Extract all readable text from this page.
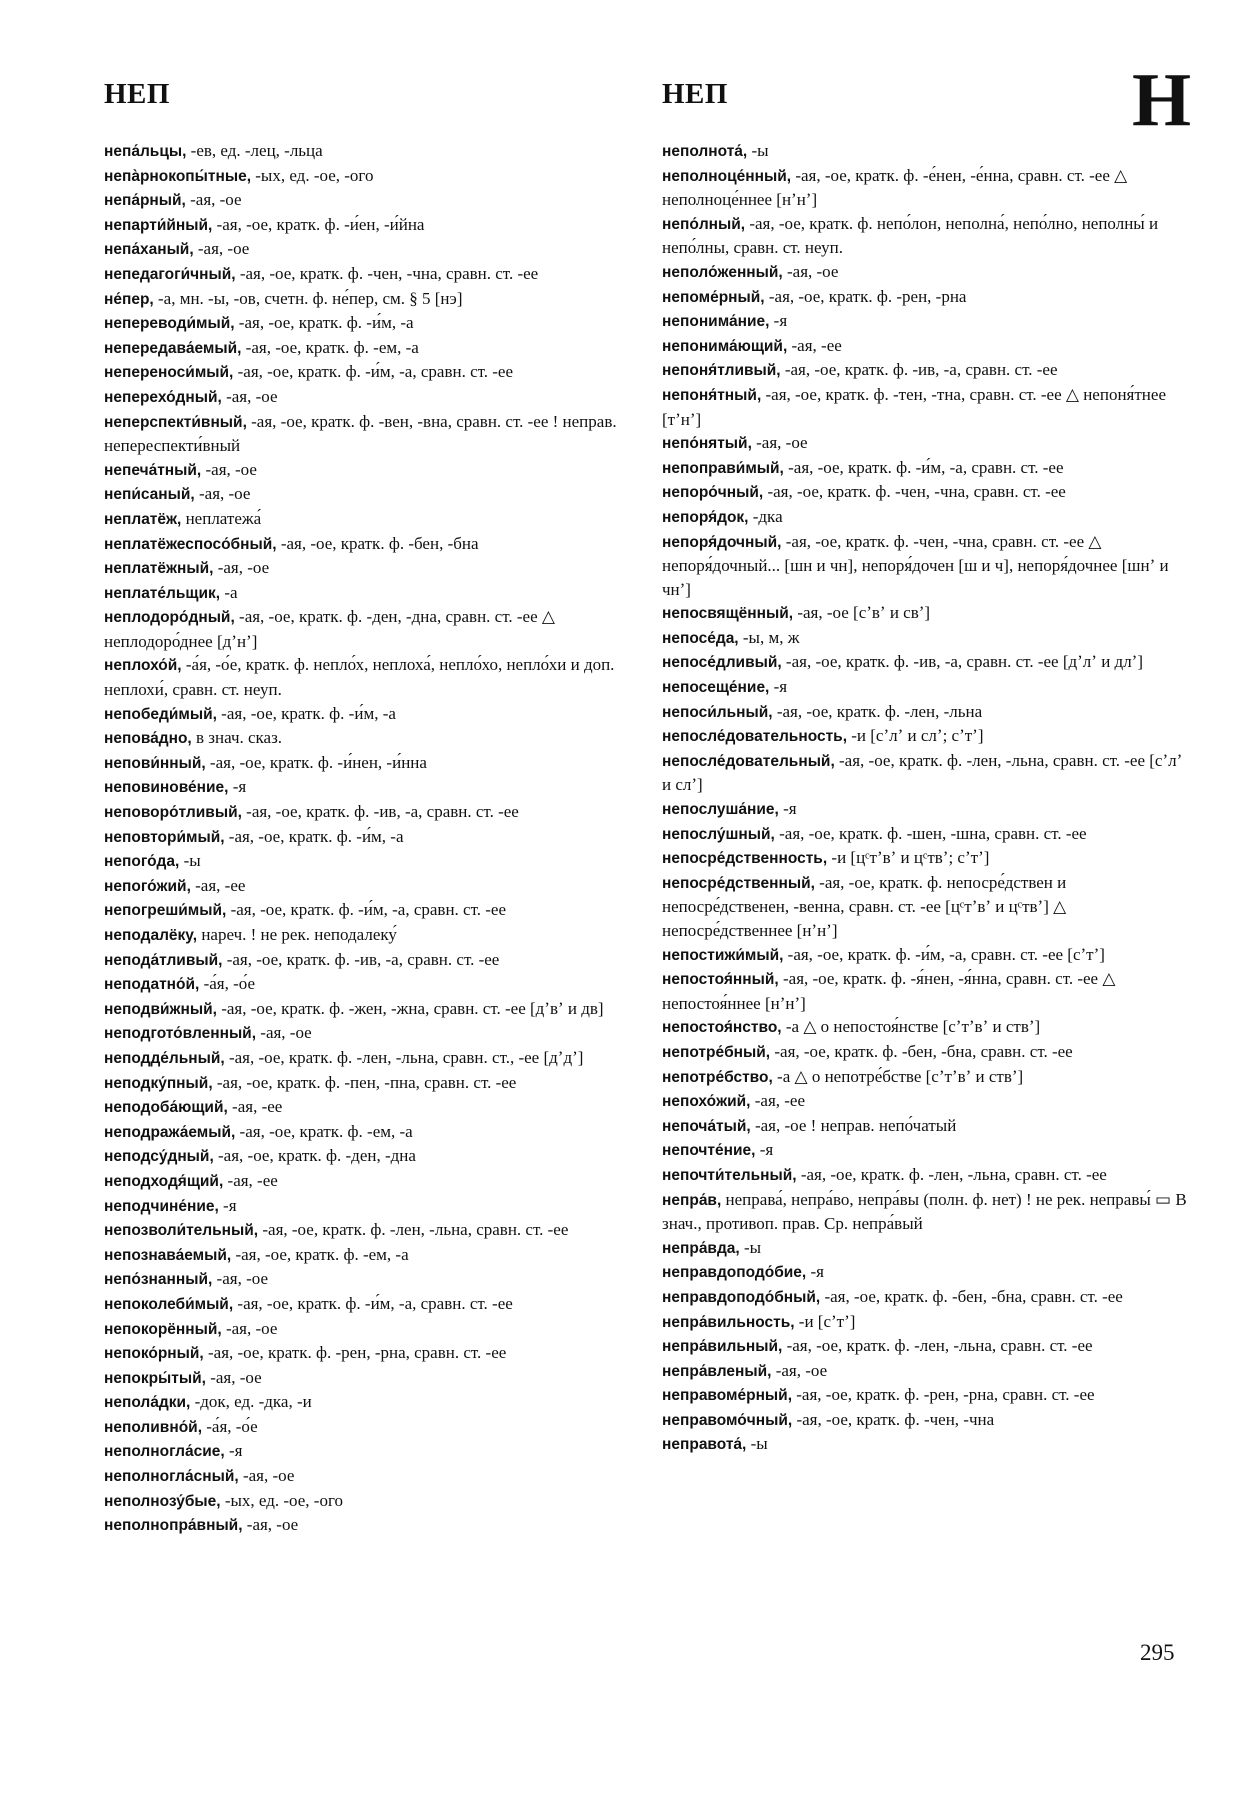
НЕП	НЕП	Н

непа́льцы, -ев, ед. -лец, -льца

непа̀рнокопы́тные, -ых, ед. -ое, -ого

непа́рный, -ая, -ое

непарти́йный, -ая, -ое, кратк. ф. -и́ен, -и́йна

непа́ханый, -ая, -ое

непедагоги́чный, -ая, -ое, кратк. ф. -чен, -чна, сравн. ст. -ее

не́пер, -а, мн. -ы, -ов, счетн. ф. не́пер, см. § 5 [нэ]

непереводи́мый, -ая, -ое, кратк. ф. -и́м, -а

непередава́емый, -ая, -ое, кратк. ф. -ем, -а

непереноси́мый, -ая, -ое, кратк. ф. -и́м, -а, сравн. ст. -ее

неперехо́дный, -ая, -ое

неперспекти́вный, -ая, -ое, кратк. ф. -вен, -вна, сравн. ст. -ее ! неправ. непереспекти́вный

непеча́тный, -ая, -ое

непи́саный, -ая, -ое

неплатёж, неплатежа́

неплатёжеспосо́бный, -ая, -ое, кратк. ф. -бен, -бна

неплатёжный, -ая, -ое

неплате́льщик, -а

неплодоро́дный, -ая, -ое, кратк. ф. -ден, -дна, сравн. ст. -ее △ неплодоро́днее [дʼнʼ]

неплохо́й, -а́я, -о́е, кратк. ф. непло́х, неплоха́, непло́хо, непло́хи и доп. неплохи́, сравн. ст. неуп.

непобеди́мый, -ая, -ое, кратк. ф. -и́м, -а

непова́дно, в знач. сказ.

непови́нный, -ая, -ое, кратк. ф. -и́нен, -и́нна

неповинове́ние, -я

неповоро́тливый, -ая, -ое, кратк. ф. -ив, -а, сравн. ст. -ее

неповтори́мый, -ая, -ое, кратк. ф. -и́м, -а

непого́да, -ы

непого́жий, -ая, -ее

непогреши́мый, -ая, -ое, кратк. ф. -и́м, -а, сравн. ст. -ее

неподалёку, нареч. ! не рек. неподалеку́

непода́тливый, -ая, -ое, кратк. ф. -ив, -а, сравн. ст. -ее

неподатно́й, -а́я, -о́е

неподви́жный, -ая, -ое, кратк. ф. -жен, -жна, сравн. ст. -ее [дʼвʼ и дв]

неподгото́вленный, -ая, -ое

неподде́льный, -ая, -ое, кратк. ф. -лен, -льна, сравн. ст., -ее [дʼдʼ]

неподку́пный, -ая, -ое, кратк. ф. -пен, -пна, сравн. ст. -ее

неподоба́ющий, -ая, -ее

неподража́емый, -ая, -ое, кратк. ф. -ем, -а

неподсу́дный, -ая, -ое, кратк. ф. -ден, -дна

неподходя́щий, -ая, -ее

неподчине́ние, -я

непозволи́тельный, -ая, -ое, кратк. ф. -лен, -льна, сравн. ст. -ее

непознава́емый, -ая, -ое, кратк. ф. -ем, -а

непо́знанный, -ая, -ое

непоколеби́мый, -ая, -ое, кратк. ф. -и́м, -а, сравн. ст. -ее

непокорённый, -ая, -ое

непоко́рный, -ая, -ое, кратк. ф. -рен, -рна, сравн. ст. -ее

непокры́тый, -ая, -ое

непола́дки, -док, ед. -дка, -и

неполивно́й, -а́я, -о́е

неполногла́сие, -я

неполногла́сный, -ая, -ое

неполнозу́бые, -ых, ед. -ое, -ого

неполнопра́вный, -ая, -ое

неполнота́, -ы

неполноце́нный, -ая, -ое, кратк. ф. -е́нен, -е́нна, сравн. ст. -ее △ неполноце́ннее [нʼнʼ]

непо́лный, -ая, -ое, кратк. ф. непо́лон, неполна́, непо́лно, неполны́ и непо́лны, сравн. ст. неуп.

неполо́женный, -ая, -ое

непоме́рный, -ая, -ое, кратк. ф. -рен, -рна

непонима́ние, -я

непонима́ющий, -ая, -ее

непоня́тливый, -ая, -ое, кратк. ф. -ив, -а, сравн. ст. -ее

непоня́тный, -ая, -ое, кратк. ф. -тен, -тна, сравн. ст. -ее △ непоня́тнее [тʼнʼ]

непо́нятый, -ая, -ое

непоправи́мый, -ая, -ое, кратк. ф. -и́м, -а, сравн. ст. -ее

непоро́чный, -ая, -ое, кратк. ф. -чен, -чна, сравн. ст. -ее

непоря́док, -дка

непоря́дочный, -ая, -ое, кратк. ф. -чен, -чна, сравн. ст. -ее △ непоря́дочный... [шн и чн], непоря́дочен [ш и ч], непоря́дочнее [шнʼ и чнʼ]

непосвящённый, -ая, -ое [сʼвʼ и свʼ]

непосе́да, -ы, м, ж

непосе́дливый, -ая, -ое, кратк. ф. -ив, -а, сравн. ст. -ее [дʼлʼ и длʼ]

непосеще́ние, -я

непоси́льный, -ая, -ое, кратк. ф. -лен, -льна

непосле́довательность, -и [сʼлʼ и слʼ; сʼтʼ]

непосле́довательный, -ая, -ое, кратк. ф. -лен, -льна, сравн. ст. -ее [сʼлʼ и слʼ]

непослуша́ние, -я

непослу́шный, -ая, -ое, кратк. ф. -шен, -шна, сравн. ст. -ее

непосре́дственность, -и [цᶜтʼвʼ и цᶜтвʼ; сʼтʼ]

непосре́дственный, -ая, -ое, кратк. ф. непосре́дствен и непосре́дственен, -венна, сравн. ст. -ее [цᶜтʼвʼ и цᶜтвʼ] △ непосре́дственнее [нʼнʼ]

непостижи́мый, -ая, -ое, кратк. ф. -и́м, -а, сравн. ст. -ее [сʼтʼ]

непостоя́нный, -ая, -ое, кратк. ф. -я́нен, -я́нна, сравн. ст. -ее △ непостоя́ннее [нʼнʼ]

непостоя́нство, -а △ о непостоя́нстве [сʼтʼвʼ и ствʼ]

непотре́бный, -ая, -ое, кратк. ф. -бен, -бна, сравн. ст. -ее

непотре́бство, -а △ о непотре́бстве [сʼтʼвʼ и ствʼ]

непохо́жий, -ая, -ее

непоча́тый, -ая, -ое ! неправ. непо́чатый

непочте́ние, -я

непочти́тельный, -ая, -ое, кратк. ф. -лен, -льна, сравн. ст. -ее

непра́в, неправа́, непра́во, непра́вы (полн. ф. нет) ! не рек. неправы́ ▭ В знач., противоп. прав. Ср. непра́вый

непра́вда, -ы

неправдоподо́бие, -я

неправдоподо́бный, -ая, -ое, кратк. ф. -бен, -бна, сравн. ст. -ее

непра́вильность, -и [сʼтʼ]

непра́вильный, -ая, -ое, кратк. ф. -лен, -льна, сравн. ст. -ее

непра́вленый, -ая, -ое

неправоме́рный, -ая, -ое, кратк. ф. -рен, -рна, сравн. ст. -ее

неправомо́чный, -ая, -ое, кратк. ф. -чен, -чна

неправота́, -ы

295
